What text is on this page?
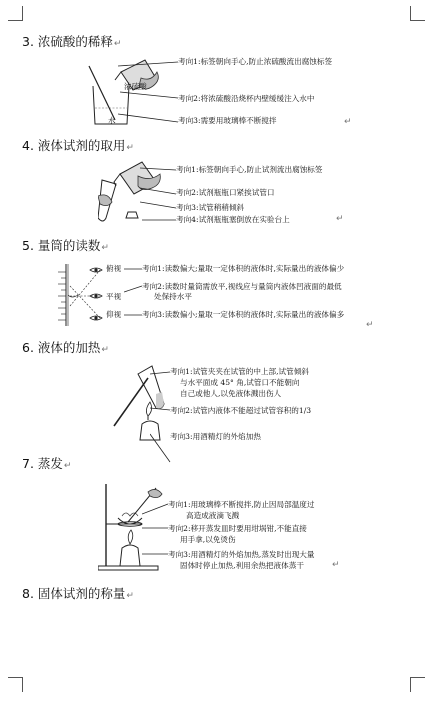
3. 浓硫酸的稀释↵
浓硫酸
水
考向1:标签朝向手心,防止浓硫酸流出腐蚀标签
考向2:将浓硫酸沿烧杯内壁缓缓注入水中
考向3:需要用玻璃棒不断搅拌	↵
4. 液体试剂的取用↵
考向1:标签朝向手心,防止试剂流出腐蚀标签
考向2:试剂瓶瓶口紧挨试管口
考向3:试管稍稍倾斜
考向4:试剂瓶瓶塞倒放在实验台上	↵
5. 量筒的读数↵
俯视
平视
仰视
考向1:读数偏大;量取一定体积的液体时,实际量出的液体偏少
考向2:读数时量筒需放平,视线应与量筒内液体凹液面的最低
处保持水平
考向3:读数偏小;量取一定体积的液体时,实际量出的液体偏多
↵
6. 液体的加热↵
考向1:试管夹夹在试管的中上部,试管倾斜
与水平面成 45° 角,试管口不能朝向
自己或他人,以免液体溅出伤人
考向2:试管内液体不能超过试管容积的1/3
考向3:用酒精灯的外焰加热
7. 蒸发↵
考向1:用玻璃棒不断搅拌,防止因局部温度过
高造成液滴飞溅
考向2:移开蒸发皿时要用坩埚钳,不能直接
用手拿,以免烫伤
考向3:用酒精灯的外焰加热,蒸发时出现大量
固体时停止加热,利用余热把液体蒸干	↵
8. 固体试剂的称量↵
